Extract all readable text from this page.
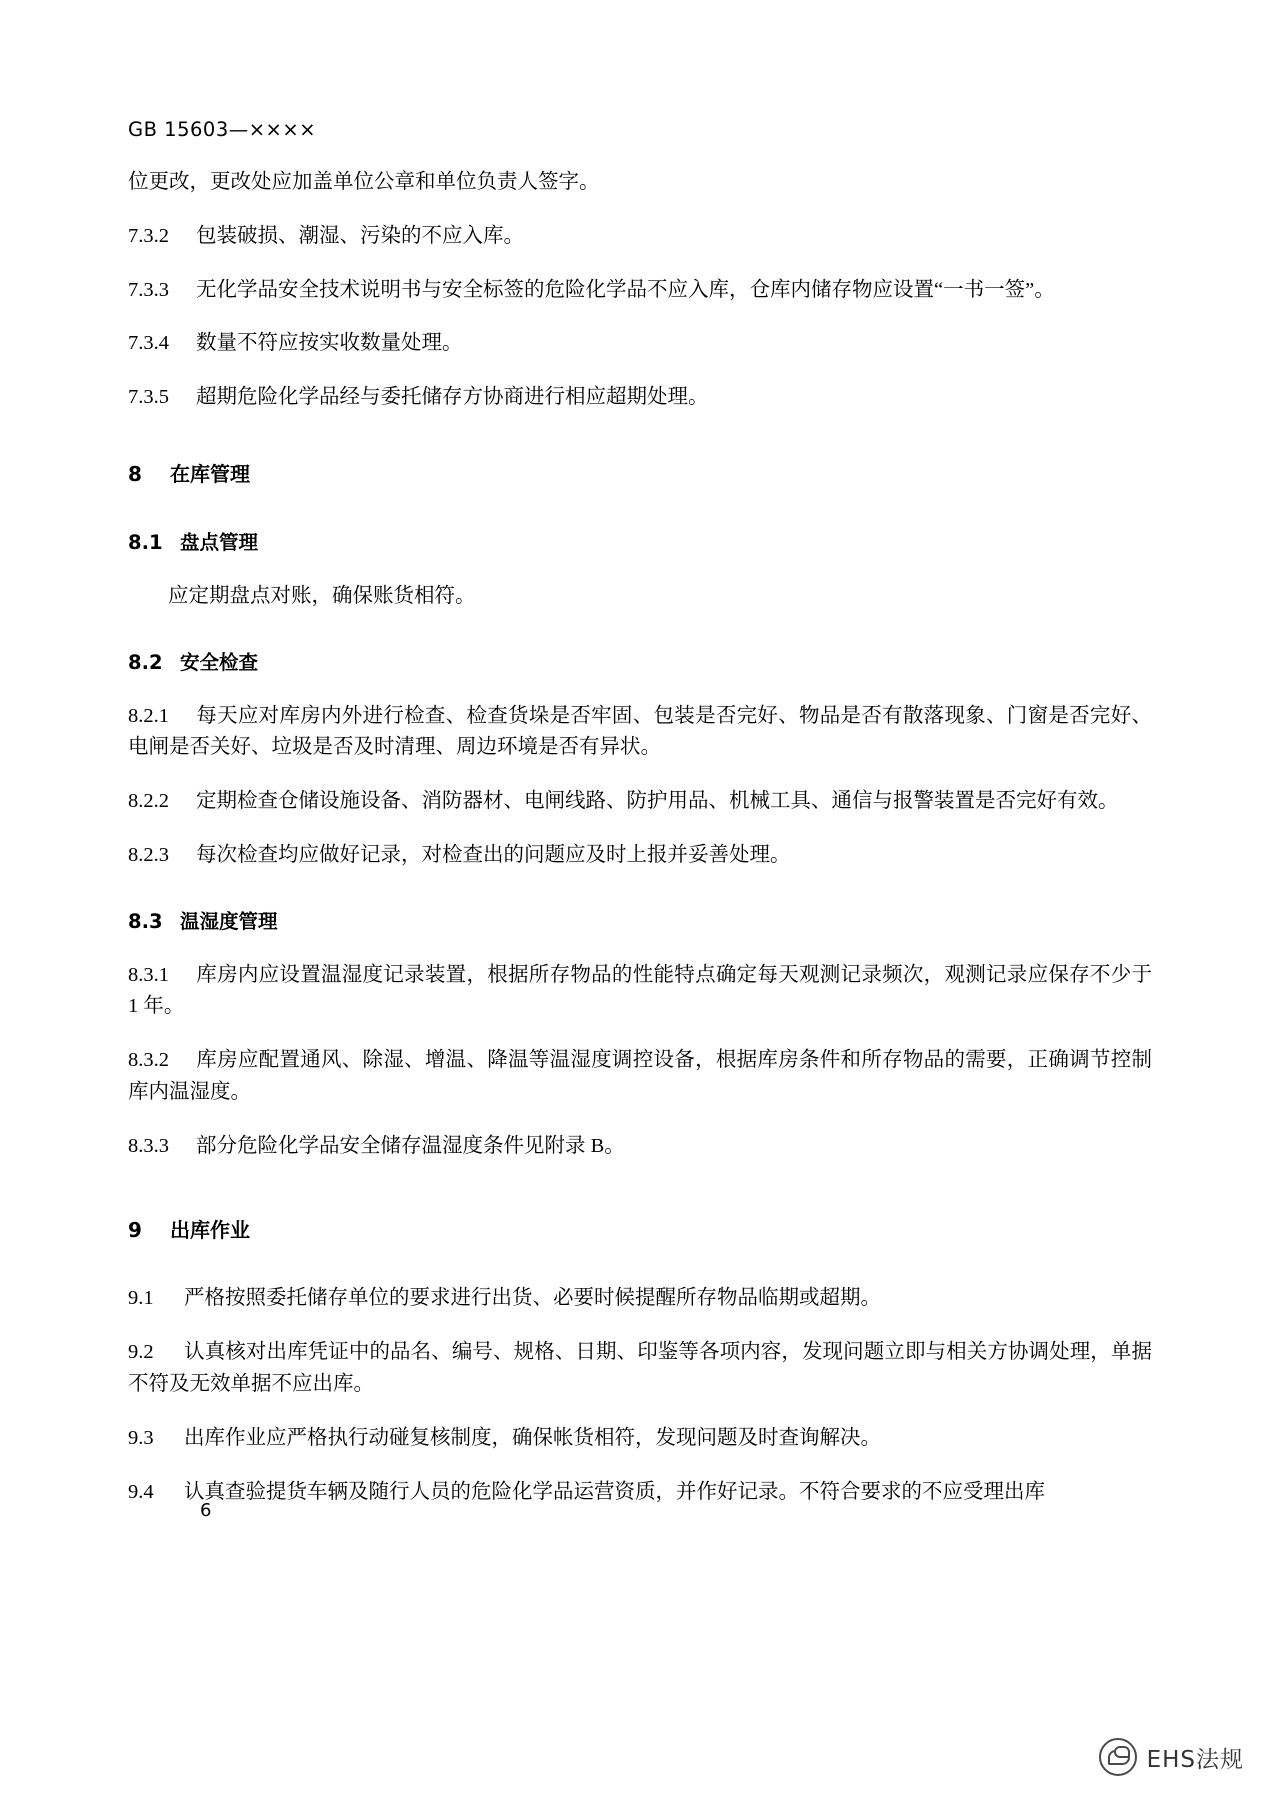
GB 15603—××××

位更改，更改处应加盖单位公章和单位负责人签字。

7.3.2 包装破损、潮湿、污染的不应入库。

7.3.3 无化学品安全技术说明书与安全标签的危险化学品不应入库，仓库内储存物应设置“一书一签”。

7.3.4 数量不符应按实收数量处理。

7.3.5 超期危险化学品经与委托储存方协商进行相应超期处理。

8 在库管理
8.1 盘点管理

应定期盘点对账，确保账货相符。

8.2 安全检查

8.2.1 每天应对库房内外进行检查、检查货垛是否牢固、包装是否完好、物品是否有散落现象、门窗是否完好、电闸是否关好、垃圾是否及时清理、周边环境是否有异状。

8.2.2 定期检查仓储设施设备、消防器材、电闸线路、防护用品、机械工具、通信与报警装置是否完好有效。

8.2.3 每次检查均应做好记录，对检查出的问题应及时上报并妥善处理。

8.3 温湿度管理

8.3.1 库房内应设置温湿度记录装置，根据所存物品的性能特点确定每天观测记录频次，观测记录应保存不少于 1 年。

8.3.2 库房应配置通风、除湿、增温、降温等温湿度调控设备，根据库房条件和所存物品的需要，正确调节控制库内温湿度。

8.3.3 部分危险化学品安全储存温湿度条件见附录 B。

9 出库作业

9.1 严格按照委托储存单位的要求进行出货、必要时候提醒所存物品临期或超期。

9.2 认真核对出库凭证中的品名、编号、规格、日期、印鉴等各项内容，发现问题立即与相关方协调处理，单据不符及无效单据不应出库。

9.3 出库作业应严格执行动碰复核制度，确保帐货相符，发现问题及时查询解决。

9.4 认真查验提货车辆及随行人员的危险化学品运营资质，并作好记录。不符合要求的不应受理出库

6
EHS法规
